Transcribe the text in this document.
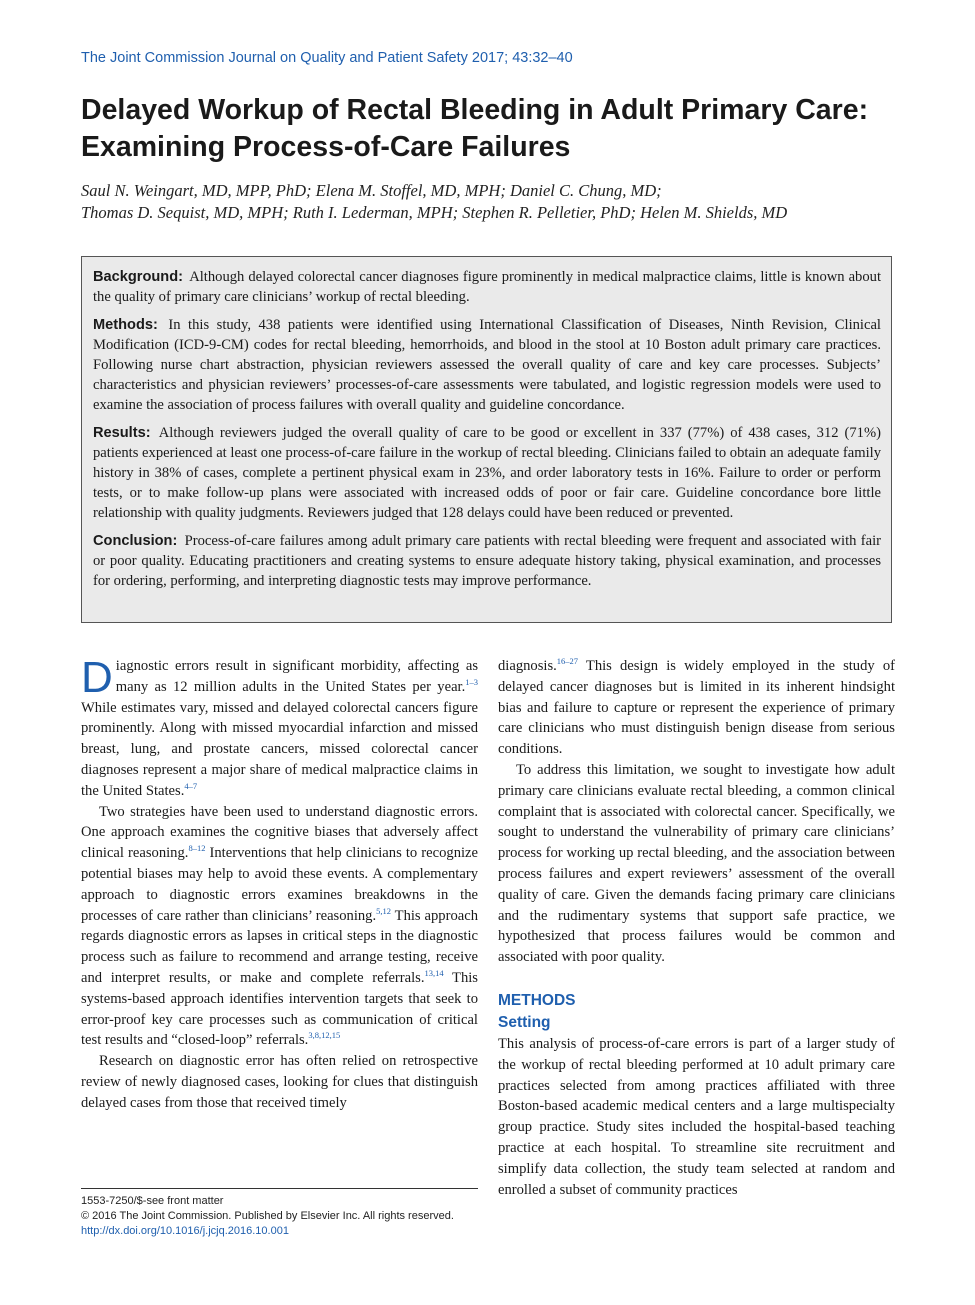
The Joint Commission Journal on Quality and Patient Safety 2017; 43:32–40
Delayed Workup of Rectal Bleeding in Adult Primary Care: Examining Process-of-Care Failures
Saul N. Weingart, MD, MPP, PhD; Elena M. Stoffel, MD, MPH; Daniel C. Chung, MD;
Thomas D. Sequist, MD, MPH; Ruth I. Lederman, MPH; Stephen R. Pelletier, PhD; Helen M. Shields, MD

Background: Although delayed colorectal cancer diagnoses figure prominently in medical malpractice claims, little is known about the quality of primary care clinicians’ workup of rectal bleeding.

Methods: In this study, 438 patients were identified using International Classification of Diseases, Ninth Revision, Clinical Modification (ICD-9-CM) codes for rectal bleeding, hemorrhoids, and blood in the stool at 10 Boston adult primary care practices. Following nurse chart abstraction, physician reviewers assessed the overall quality of care and key care processes. Subjects’ characteristics and physician reviewers’ processes-of-care assessments were tabulated, and logistic regression models were used to examine the association of process failures with overall quality and guideline concordance.

Results: Although reviewers judged the overall quality of care to be good or excellent in 337 (77%) of 438 cases, 312 (71%) patients experienced at least one process-of-care failure in the workup of rectal bleeding. Clinicians failed to obtain an adequate family history in 38% of cases, complete a pertinent physical exam in 23%, and order laboratory tests in 16%. Failure to order or perform tests, or to make follow-up plans were associated with increased odds of poor or fair care. Guideline concordance bore little relationship with quality judgments. Reviewers judged that 128 delays could have been reduced or prevented.

Conclusion: Process-of-care failures among adult primary care patients with rectal bleeding were frequent and associated with fair or poor quality. Educating practitioners and creating systems to ensure adequate history taking, physical examination, and processes for ordering, performing, and interpreting diagnostic tests may improve performance.

Diagnostic errors result in significant morbidity, affecting as many as 12 million adults in the United States per year.$^{1-3}$ While estimates vary, missed and delayed colorectal cancers figure prominently. Along with missed myocardial infarction and missed breast, lung, and prostate cancers, missed colorectal cancer diagnoses represent a major share of medical malpractice claims in the United States.$^{4-7}$

Two strategies have been used to understand diagnostic errors. One approach examines the cognitive biases that adversely affect clinical reasoning.$^{8-12}$ Interventions that help clinicians to recognize potential biases may help to avoid these events. A complementary approach to diagnostic errors examines breakdowns in the processes of care rather than clinicians’ reasoning.$^{5,12}$ This approach regards diagnostic errors as lapses in critical steps in the diagnostic process such as failure to recommend and arrange testing, receive and interpret results, or make and complete referrals.$^{13,14}$ This systems-based approach identifies intervention targets that seek to error-proof key care processes such as communication of critical test results and “closed-loop” referrals.$^{3,8,12,15}$

Research on diagnostic error has often relied on retrospective review of newly diagnosed cases, looking for clues that distinguish delayed cases from those that received timely

diagnosis.$^{16-27}$ This design is widely employed in the study of delayed cancer diagnoses but is limited in its inherent hindsight bias and failure to capture or represent the experience of primary care clinicians who must distinguish benign disease from serious conditions.

To address this limitation, we sought to investigate how adult primary care clinicians evaluate rectal bleeding, a common clinical complaint that is associated with colorectal cancer. Specifically, we sought to understand the vulnerability of primary care clinicians’ process for working up rectal bleeding, and the association between process failures and expert reviewers’ assessment of the overall quality of care. Given the demands facing primary care clinicians and the rudimentary systems that support safe practice, we hypothesized that process failures would be common and associated with poor quality.

METHODS
Setting

This analysis of process-of-care errors is part of a larger study of the workup of rectal bleeding performed at 10 adult primary care practices selected from among practices affiliated with three Boston-based academic medical centers and a large multispecialty group practice. Study sites included the hospital-based teaching practice at each hospital. To streamline site recruitment and simplify data collection, the study team selected at random and enrolled a subset of community practices

1553-7250/$-see front matter
© 2016 The Joint Commission. Published by Elsevier Inc. All rights reserved.
http://dx.doi.org/10.1016/j.jcjq.2016.10.001
